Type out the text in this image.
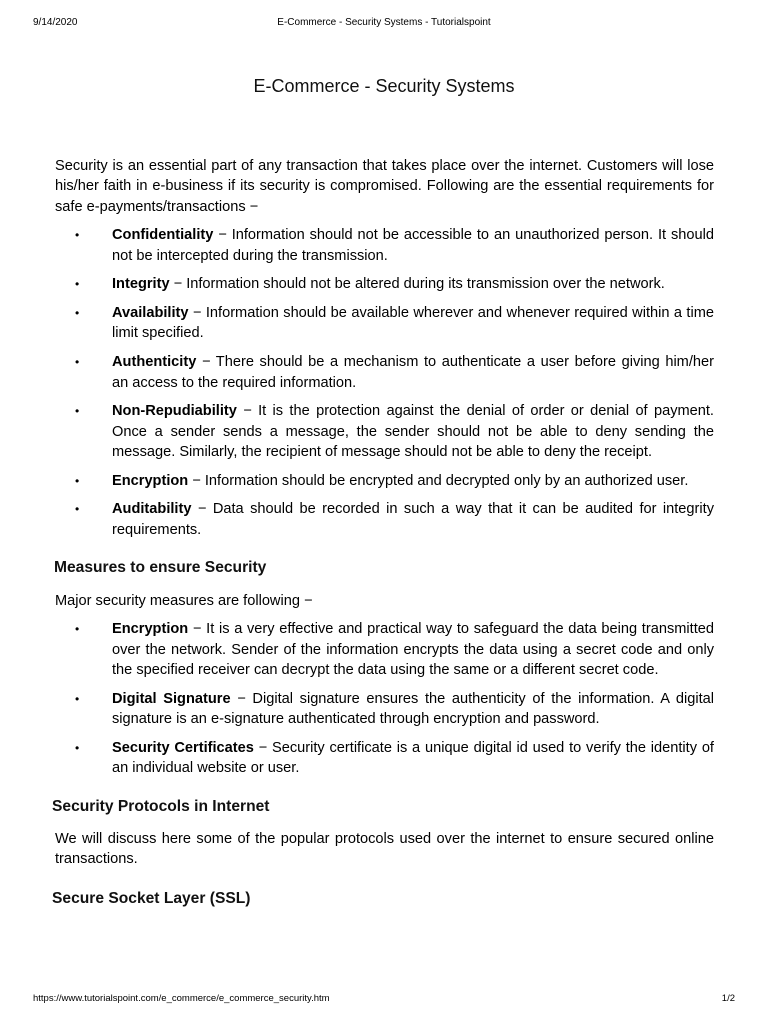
9/14/2020	E-Commerce - Security Systems - Tutorialspoint
E-Commerce - Security Systems

Security is an essential part of any transaction that takes place over the internet. Customers will lose his/her faith in e-business if its security is compromised. Following are the essential requirements for safe e-payments/transactions −

• Confidentiality − Information should not be accessible to an unauthorized person. It should not be intercepted during the transmission.
• Integrity − Information should not be altered during its transmission over the network.
• Availability − Information should be available wherever and whenever required within a time limit specified.
• Authenticity − There should be a mechanism to authenticate a user before giving him/her an access to the required information.
• Non-Repudiability − It is the protection against the denial of order or denial of payment. Once a sender sends a message, the sender should not be able to deny sending the message. Similarly, the recipient of message should not be able to deny the receipt.
• Encryption − Information should be encrypted and decrypted only by an authorized user.
• Auditability − Data should be recorded in such a way that it can be audited for integrity requirements.
Measures to ensure Security

Major security measures are following −

• Encryption − It is a very effective and practical way to safeguard the data being transmitted over the network. Sender of the information encrypts the data using a secret code and only the specified receiver can decrypt the data using the same or a different secret code.
• Digital Signature − Digital signature ensures the authenticity of the information. A digital signature is an e-signature authenticated through encryption and password.
• Security Certificates − Security certificate is a unique digital id used to verify the identity of an individual website or user.
Security Protocols in Internet

We will discuss here some of the popular protocols used over the internet to ensure secured online transactions.

Secure Socket Layer (SSL)
https://www.tutorialspoint.com/e_commerce/e_commerce_security.htm	1/2
